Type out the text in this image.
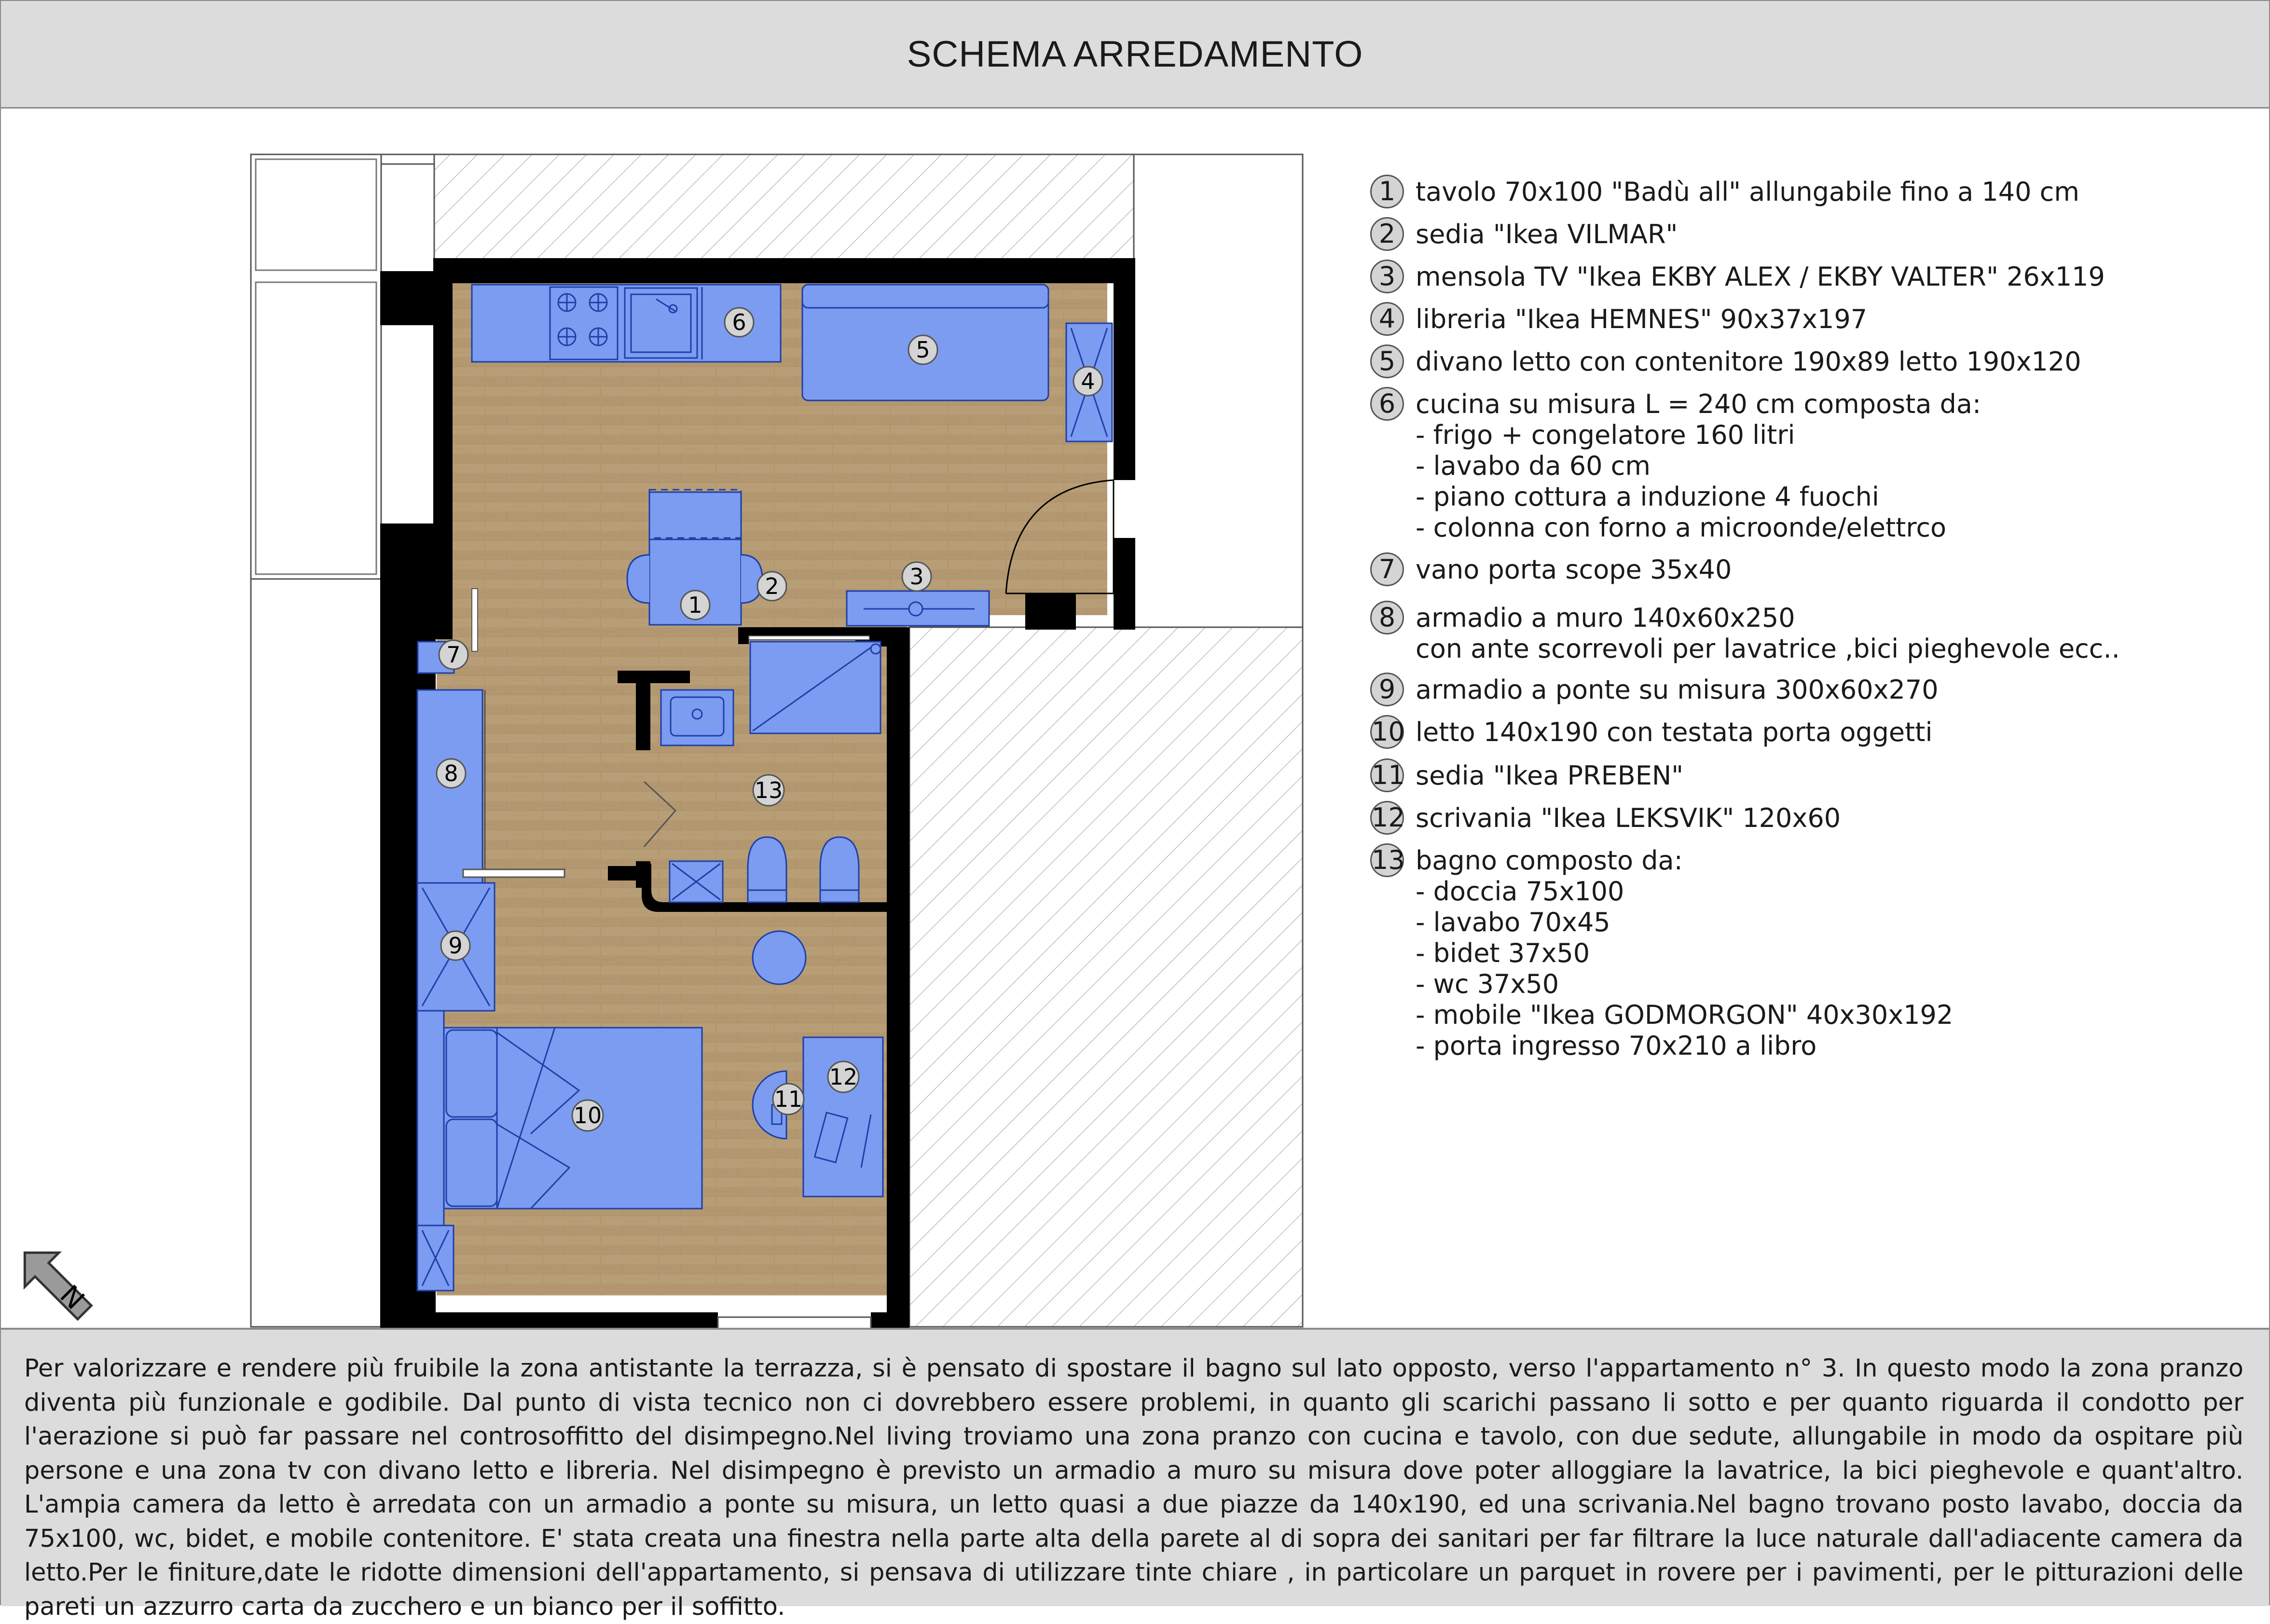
SCHEMA ARREDAMENTO
1
2	3
4
5
6
7
8
9
10
11
12
13
N
1 tavolo 70x100 "Badù all" allungabile fino a 140 cm
2 sedia "Ikea VILMAR"
3 mensola TV "Ikea EKBY ALEX / EKBY VALTER" 26x119
4 libreria "Ikea HEMNES" 90x37x197
5 divano letto con contenitore 190x89 letto 190x120
6 cucina su misura L = 240 cm composta da:
- frigo + congelatore 160 litri
- lavabo da 60 cm
- piano cottura a induzione 4 fuochi
- colonna con forno a microonde/elettrco
7 vano porta scope 35x40
8 armadio a muro 140x60x250
con ante scorrevoli per lavatrice ,bici pieghevole ecc..
9 armadio a ponte su misura 300x60x270
10 letto 140x190 con testata porta oggetti
11 sedia "Ikea PREBEN"
12 scrivania "Ikea LEKSVIK" 120x60
13 bagno composto da:
- doccia 75x100
- lavabo 70x45
- bidet 37x50
- wc 37x50
- mobile "Ikea GODMORGON" 40x30x192
- porta ingresso 70x210 a libro

Per valorizzare e rendere più fruibile la zona antistante la terrazza, si è pensato di spostare il bagno sul lato opposto, verso l'appartamento n° 3. In questo modo la zona pranzo diventa più funzionale e godibile. Dal punto di vista tecnico non ci dovrebbero essere problemi, in quanto gli scarichi passano li sotto e per quanto riguarda il condotto per l'aerazione si può far passare nel controsoffitto del disimpegno.Nel living troviamo una zona pranzo con cucina e tavolo, con due sedute, allungabile in modo da ospitare più persone e una zona tv con divano letto e libreria. Nel disimpegno è previsto un armadio a muro su misura dove poter alloggiare la lavatrice, la bici pieghevole e quant'altro. L'ampia camera da letto è arredata con un armadio a ponte su misura, un letto quasi a due piazze da 140x190, ed una scrivania.Nel bagno trovano posto lavabo, doccia da 75x100, wc, bidet, e mobile contenitore. E' stata creata una finestra nella parte alta della parete al di sopra dei sanitari per far filtrare la luce naturale dall'adiacente camera da letto.Per le finiture,date le ridotte dimensioni dell'appartamento, si pensava di utilizzare tinte chiare , in particolare un parquet in rovere per i pavimenti, per le pitturazioni delle pareti un azzurro carta da zucchero e un bianco per il soffitto.
